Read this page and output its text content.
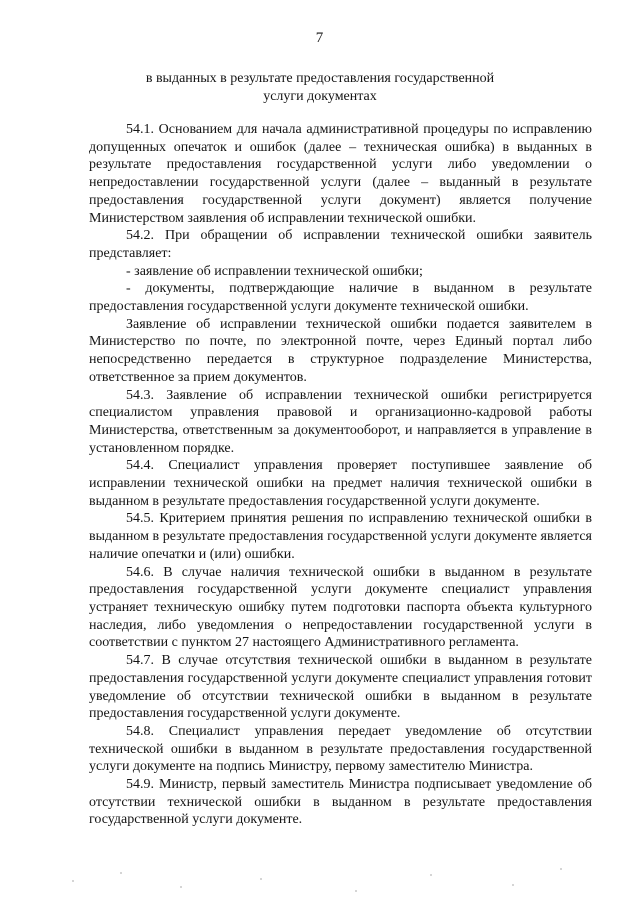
7
в выданных в результате предоставления государственной
услуги документах

54.1. Основанием для начала административной процедуры по исправлению допущенных опечаток и ошибок (далее – техническая ошибка) в выданных в результате предоставления государственной услуги либо уведомлении о непредоставлении государственной услуги (далее – выданный в результате предоставления государственной услуги документ) является получение Министерством заявления об исправлении технической ошибки.

54.2. При обращении об исправлении технической ошибки заявитель представляет:

- заявление об исправлении технической ошибки;

- документы, подтверждающие наличие в выданном в результате предоставления государственной услуги документе технической ошибки.

Заявление об исправлении технической ошибки подается заявителем в Министерство по почте, по электронной почте, через Единый портал либо непосредственно передается в структурное подразделение Министерства, ответственное за прием документов.

54.3. Заявление об исправлении технической ошибки регистрируется специалистом управления правовой и организационно-кадровой работы Министерства, ответственным за документооборот, и направляется в управление в установленном порядке.

54.4. Специалист управления проверяет поступившее заявление об исправлении технической ошибки на предмет наличия технической ошибки в выданном в результате предоставления государственной услуги документе.

54.5. Критерием принятия решения по исправлению технической ошибки в выданном в результате предоставления государственной услуги документе является наличие опечатки и (или) ошибки.

54.6. В случае наличия технической ошибки в выданном в результате предоставления государственной услуги документе специалист управления устраняет техническую ошибку путем подготовки паспорта объекта культурного наследия, либо уведомления о непредоставлении государственной услуги в соответствии с пунктом 27 настоящего Административного регламента.

54.7. В случае отсутствия технической ошибки в выданном в результате предоставления государственной услуги документе специалист управления готовит уведомление об отсутствии технической ошибки в выданном в результате предоставления государственной услуги документе.

54.8. Специалист управления передает уведомление об отсутствии технической ошибки в выданном в результате предоставления государственной услуги документе на подпись Министру, первому заместителю Министра.

54.9. Министр, первый заместитель Министра подписывает уведомление об отсутствии технической ошибки в выданном в результате предоставления государственной услуги документе.
